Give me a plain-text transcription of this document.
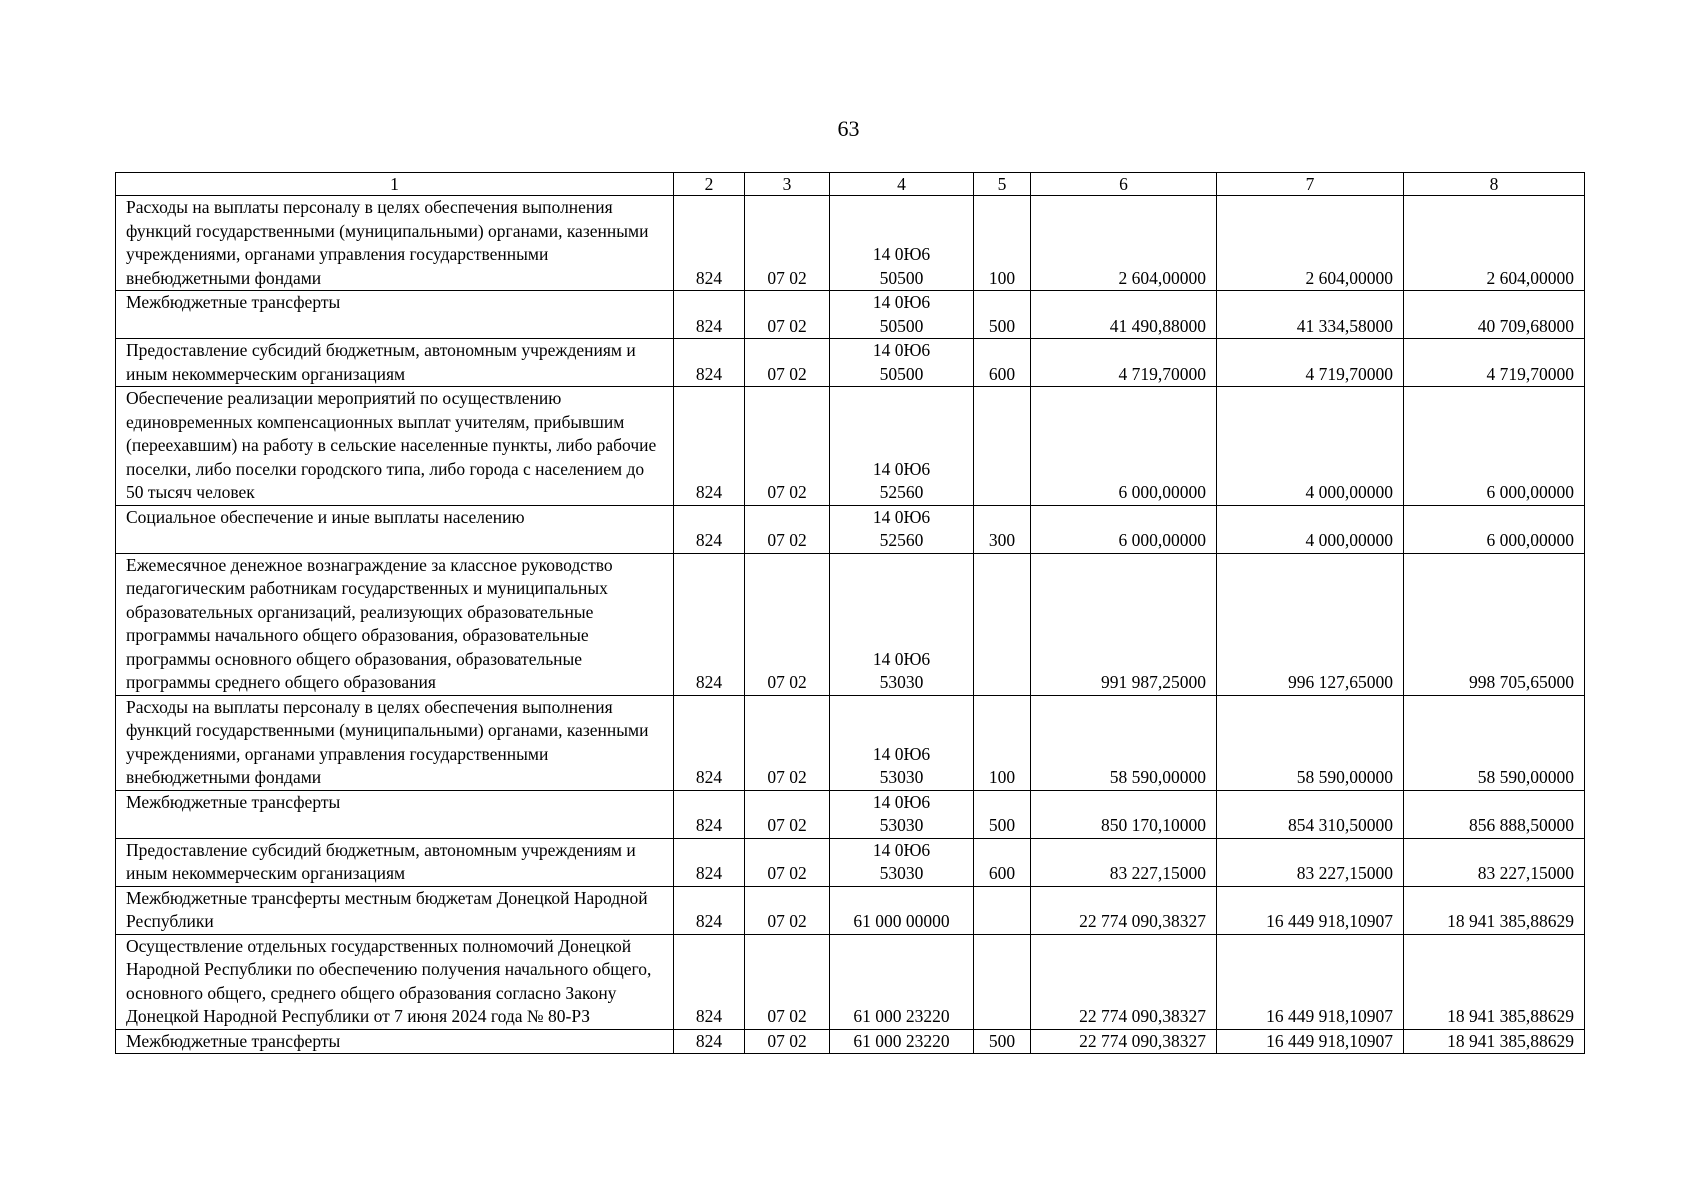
63
1	2	3	4	5	6	7	8

Расходы на выплаты персоналу в целях обеспечения выполнения функций государственными (муниципальными) органами, казенными учреждениями, органами управления государственными внебюджетными фондами	824	07 02	14 0Ю6
50500	100	2 604,00000	2 604,00000	2 604,00000

Межбюджетные трансферты	824	07 02	14 0Ю6
50500	500	41 490,88000	41 334,58000	40 709,68000

Предоставление субсидий бюджетным, автономным учреждениям и иным некоммерческим организациям	824	07 02	14 0Ю6
50500	600	4 719,70000	4 719,70000	4 719,70000

Обеспечение реализации мероприятий по осуществлению единовременных компенсационных выплат учителям, прибывшим (переехавшим) на работу в сельские населенные пункты, либо рабочие поселки, либо поселки городского типа, либо города с населением до 50 тысяч человек	824	07 02	14 0Ю6
52560		6 000,00000	4 000,00000	6 000,00000

Социальное обеспечение и иные выплаты населению	824	07 02	14 0Ю6
52560	300	6 000,00000	4 000,00000	6 000,00000

Ежемесячное денежное вознаграждение за классное руководство педагогическим работникам государственных и муниципальных образовательных организаций, реализующих образовательные программы начального общего образования, образовательные программы основного общего образования, образовательные программы среднего общего образования	824	07 02	14 0Ю6
53030		991 987,25000	996 127,65000	998 705,65000

Расходы на выплаты персоналу в целях обеспечения выполнения функций государственными (муниципальными) органами, казенными учреждениями, органами управления государственными внебюджетными фондами	824	07 02	14 0Ю6
53030	100	58 590,00000	58 590,00000	58 590,00000

Межбюджетные трансферты	824	07 02	14 0Ю6
53030	500	850 170,10000	854 310,50000	856 888,50000

Предоставление субсидий бюджетным, автономным учреждениям и иным некоммерческим организациям	824	07 02	14 0Ю6
53030	600	83 227,15000	83 227,15000	83 227,15000

Межбюджетные трансферты местным бюджетам Донецкой Народной Республики	824	07 02	61 000 00000		22 774 090,38327	16 449 918,10907	18 941 385,88629

Осуществление отдельных государственных полномочий Донецкой Народной Республики по обеспечению получения начального общего, основного общего, среднего общего образования согласно Закону Донецкой Народной Республики от 7 июня 2024 года № 80-РЗ	824	07 02	61 000 23220		22 774 090,38327	16 449 918,10907	18 941 385,88629

Межбюджетные трансферты	824	07 02	61 000 23220	500	22 774 090,38327	16 449 918,10907	18 941 385,88629
